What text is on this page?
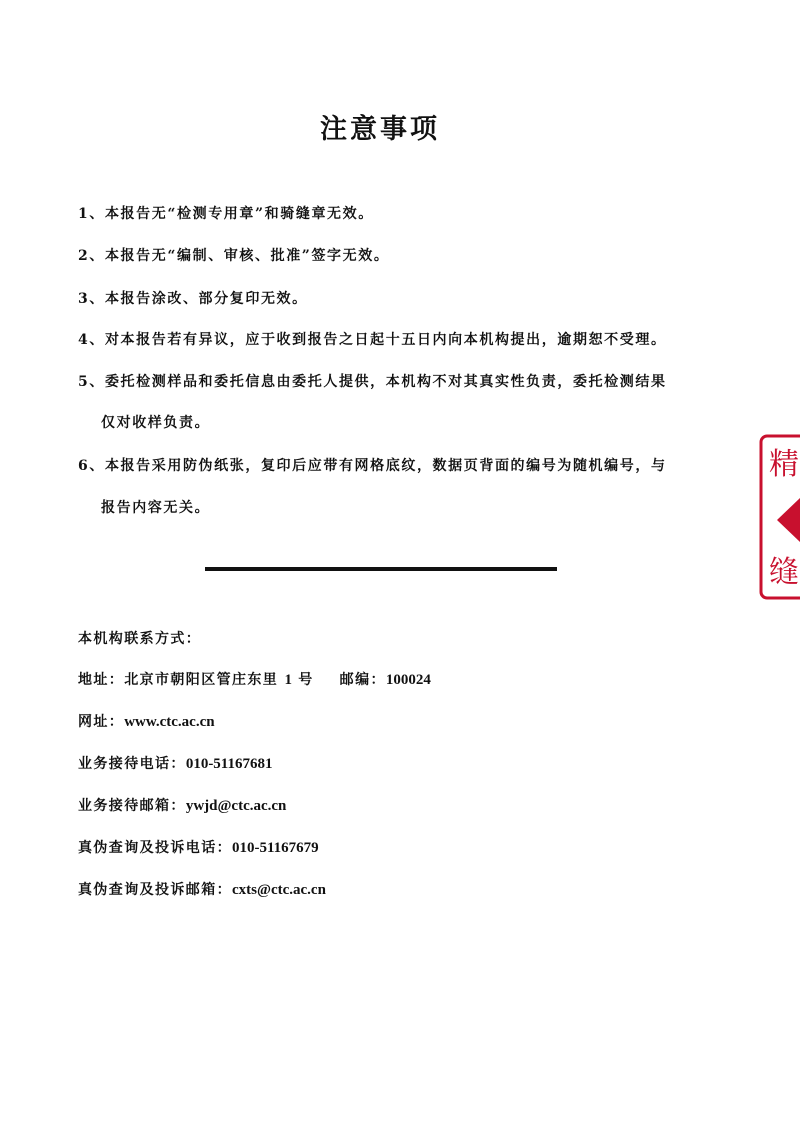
注意事项
1、本报告无“检测专用章”和骑缝章无效。
2、本报告无“编制、审核、批准”签字无效。
3、本报告涂改、部分复印无效。
4、对本报告若有异议，应于收到报告之日起十五日内向本机构提出，逾期恕不受理。
5、委托检测样品和委托信息由委托人提供，本机构不对其真实性负责，委托检测结果
仅对收样负责。
6、本报告采用防伪纸张，复印后应带有网格底纹，数据页背面的编号为随机编号，与
报告内容无关。
本机构联系方式：
地址：北京市朝阳区管庄东里 1 号 邮编：100024
网址：www.ctc.ac.cn
业务接待电话：010-51167681
业务接待邮箱：ywjd@ctc.ac.cn
真伪查询及投诉电话：010-51167679
真伪查询及投诉邮箱：cxts@ctc.ac.cn
精
缝
